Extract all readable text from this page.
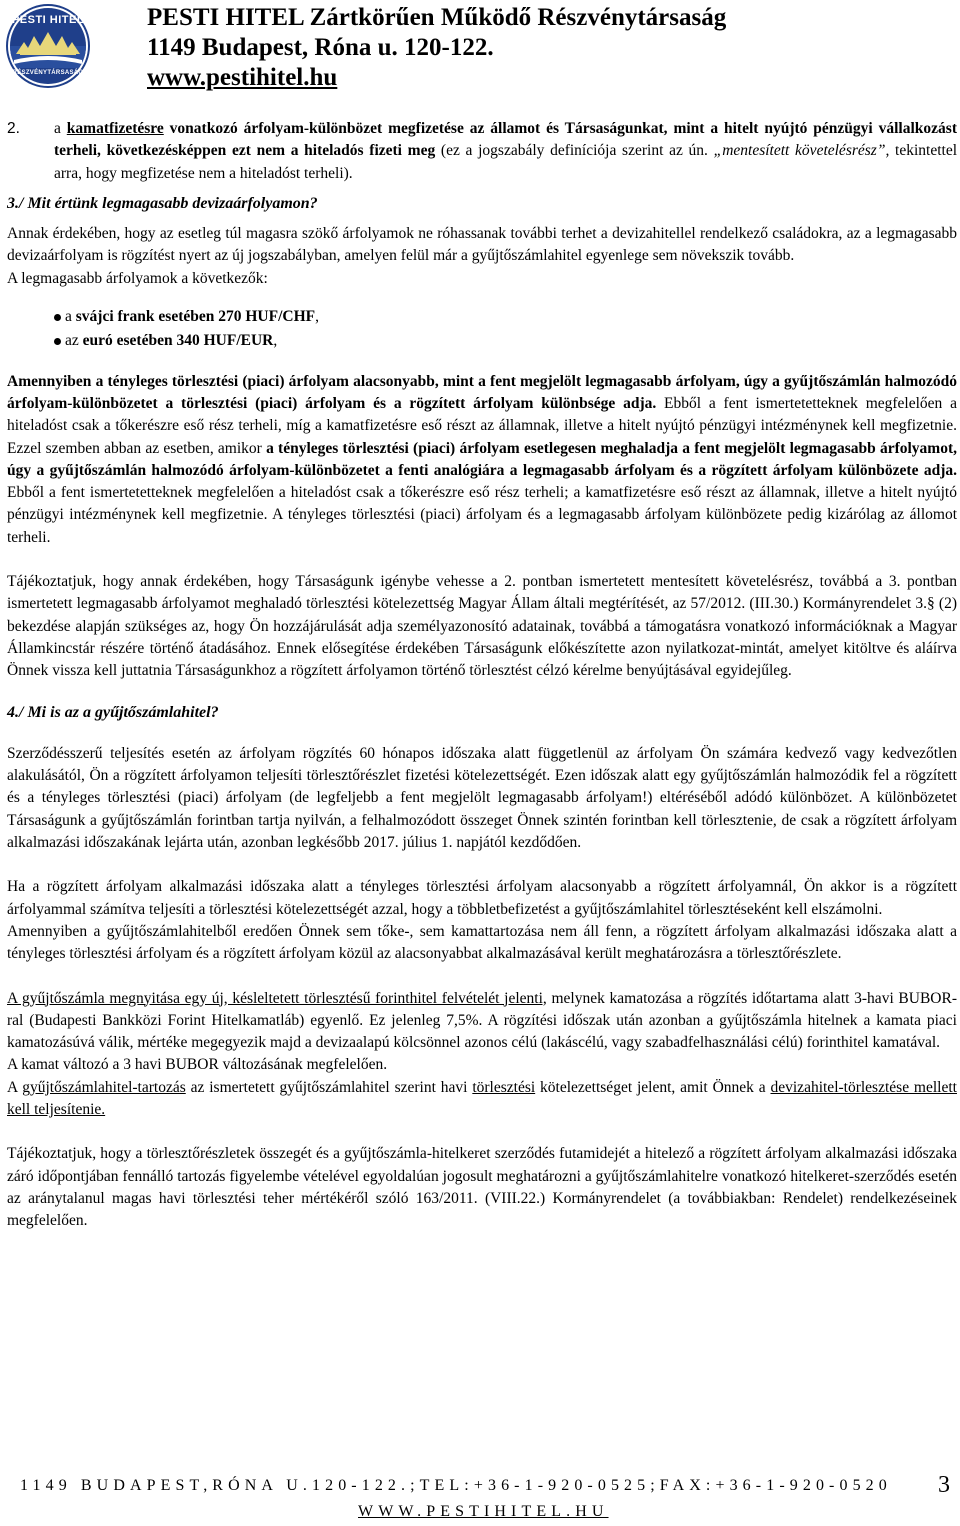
PESTI HITEL
RÉSZVÉNYTÁRSASÁG
PESTI HITEL Zártkörűen Működő Részvénytársaság
1149 Budapest, Róna u. 120-122.
www.pestihitel.hu

2. a kamatfizetésre vonatkozó árfolyam-különbözet megfizetése az államot és Társaságunkat, mint a hitelt nyújtó pénzügyi vállalkozást terheli, következésképpen ezt nem a hiteladós fizeti meg (ez a jogszabály definíciója szerint az ún. „mentesített követelésrész”, tekintettel arra, hogy megfizetése nem a hiteladóst terheli).

3./ Mit értünk legmagasabb devizaárfolyamon?

Annak érdekében, hogy az esetleg túl magasra szökő árfolyamok ne róhassanak további terhet a devizahitellel rendelkező családokra, az a legmagasabb devizaárfolyam is rögzítést nyert az új jogszabályban, amelyen felül már a gyűjtőszámlahitel egyenlege sem növekszik tovább.

A legmagasabb árfolyamok a következők:

a svájci frank esetében 270 HUF/CHF,

az euró esetében 340 HUF/EUR,

Amennyiben a tényleges törlesztési (piaci) árfolyam alacsonyabb, mint a fent megjelölt legmagasabb árfolyam, úgy a gyűjtőszámlán halmozódó árfolyam-különbözetet a törlesztési (piaci) árfolyam és a rögzített árfolyam különbsége adja. Ebből a fent ismertetetteknek megfelelően a hiteladóst csak a tőkerészre eső rész terheli, míg a kamatfizetésre eső részt az államnak, illetve a hitelt nyújtó pénzügyi intézménynek kell megfizetnie. Ezzel szemben abban az esetben, amikor a tényleges törlesztési (piaci) árfolyam esetlegesen meghaladja a fent megjelölt legmagasabb árfolyamot, úgy a gyűjtőszámlán halmozódó árfolyam-különbözetet a fenti analógiára a legmagasabb árfolyam és a rögzített árfolyam különbözete adja. Ebből a fent ismertetetteknek megfelelően a hiteladóst csak a tőkerészre eső rész terheli; a kamatfizetésre eső részt az államnak, illetve a hitelt nyújtó pénzügyi intézménynek kell megfizetnie. A tényleges törlesztési (piaci) árfolyam és a legmagasabb árfolyam különbözete pedig kizárólag az állomot terheli.

Tájékoztatjuk, hogy annak érdekében, hogy Társaságunk igénybe vehesse a 2. pontban ismertetett mentesített követelésrész, továbbá a 3. pontban ismertetett legmagasabb árfolyamot meghaladó törlesztési kötelezettség Magyar Állam általi megtérítését, az 57/2012. (III.30.) Kormányrendelet 3.§ (2) bekezdése alapján szükséges az, hogy Ön hozzájárulását adja személyazonosító adatainak, továbbá a támogatásra vonatkozó információknak a Magyar Államkincstár részére történő átadásához. Ennek elősegítése érdekében Társaságunk előkészítette azon nyilatkozat-mintát, amelyet kitöltve és aláírva Önnek vissza kell juttatnia Társaságunkhoz a rögzített árfolyamon történő törlesztést célzó kérelme benyújtásával egyidejűleg.

4./ Mi is az a gyűjtőszámlahitel?

Szerződésszerű teljesítés esetén az árfolyam rögzítés 60 hónapos időszaka alatt függetlenül az árfolyam Ön számára kedvező vagy kedvezőtlen alakulásától, Ön a rögzített árfolyamon teljesíti törlesztőrészlet fizetési kötelezettségét. Ezen időszak alatt egy gyűjtőszámlán halmozódik fel a rögzített és a tényleges törlesztési (piaci) árfolyam (de legfeljebb a fent megjelölt legmagasabb árfolyam!) eltéréséből adódó különbözet. A különbözetet Társaságunk a gyűjtőszámlán forintban tartja nyilván, a felhalmozódott összeget Önnek szintén forintban kell törlesztenie, de csak a rögzített árfolyam alkalmazási időszakának lejárta után, azonban legkésőbb 2017. július 1. napjától kezdődően.

Ha a rögzített árfolyam alkalmazási időszaka alatt a tényleges törlesztési árfolyam alacsonyabb a rögzített árfolyamnál, Ön akkor is a rögzített árfolyammal számítva teljesíti a törlesztési kötelezettségét azzal, hogy a többletbefizetést a gyűjtőszámlahitel törlesztéseként kell elszámolni.

Amennyiben a gyűjtőszámlahitelből eredően Önnek sem tőke-, sem kamattartozása nem áll fenn, a rögzített árfolyam alkalmazási időszaka alatt a tényleges törlesztési árfolyam és a rögzített árfolyam közül az alacsonyabbat alkalmazásával került meghatározásra a törlesztőrészlete.

A gyűjtőszámla megnyitása egy új, késleltetett törlesztésű forinthitel felvételét jelenti, melynek kamatozása a rögzítés időtartama alatt 3-havi BUBOR-ral (Budapesti Bankközi Forint Hitelkamatláb) egyenlő. Ez jelenleg 7,5%. A rögzítési időszak után azonban a gyűjtőszámla hitelnek a kamata piaci kamatozásúvá válik, mértéke megegyezik majd a devizaalapú kölcsönnel azonos célú (lakáscélú, vagy szabadfelhasználási célú) forinthitel kamatával.

A kamat változó a 3 havi BUBOR változásának megfelelően.

A gyűjtőszámlahitel-tartozás az ismertetett gyűjtőszámlahitel szerint havi törlesztési kötelezettséget jelent, amit Önnek a devizahitel-törlesztése mellett kell teljesítenie.

Tájékoztatjuk, hogy a törlesztőrészletek összegét és a gyűjtőszámla-hitelkeret szerződés futamidejét a hitelező a rögzített árfolyam alkalmazási időszaka záró időpontjában fennálló tartozás figyelembe vételével egyoldalúan jogosult meghatározni a gyűjtőszámlahitelre vonatkozó hitelkeret-szerződés esetén az aránytalanul magas havi törlesztési teher mértékéről szóló 163/2011. (VIII.22.) Kormányrendelet (a továbbiakban: Rendelet) rendelkezéseinek megfelelően.

1149 BUDAPEST,RÓNA U.120-122.;TEL:+36-1-920-0525;FAX:+36-1-920-0520
WWW.PESTIHITEL.HU
3
